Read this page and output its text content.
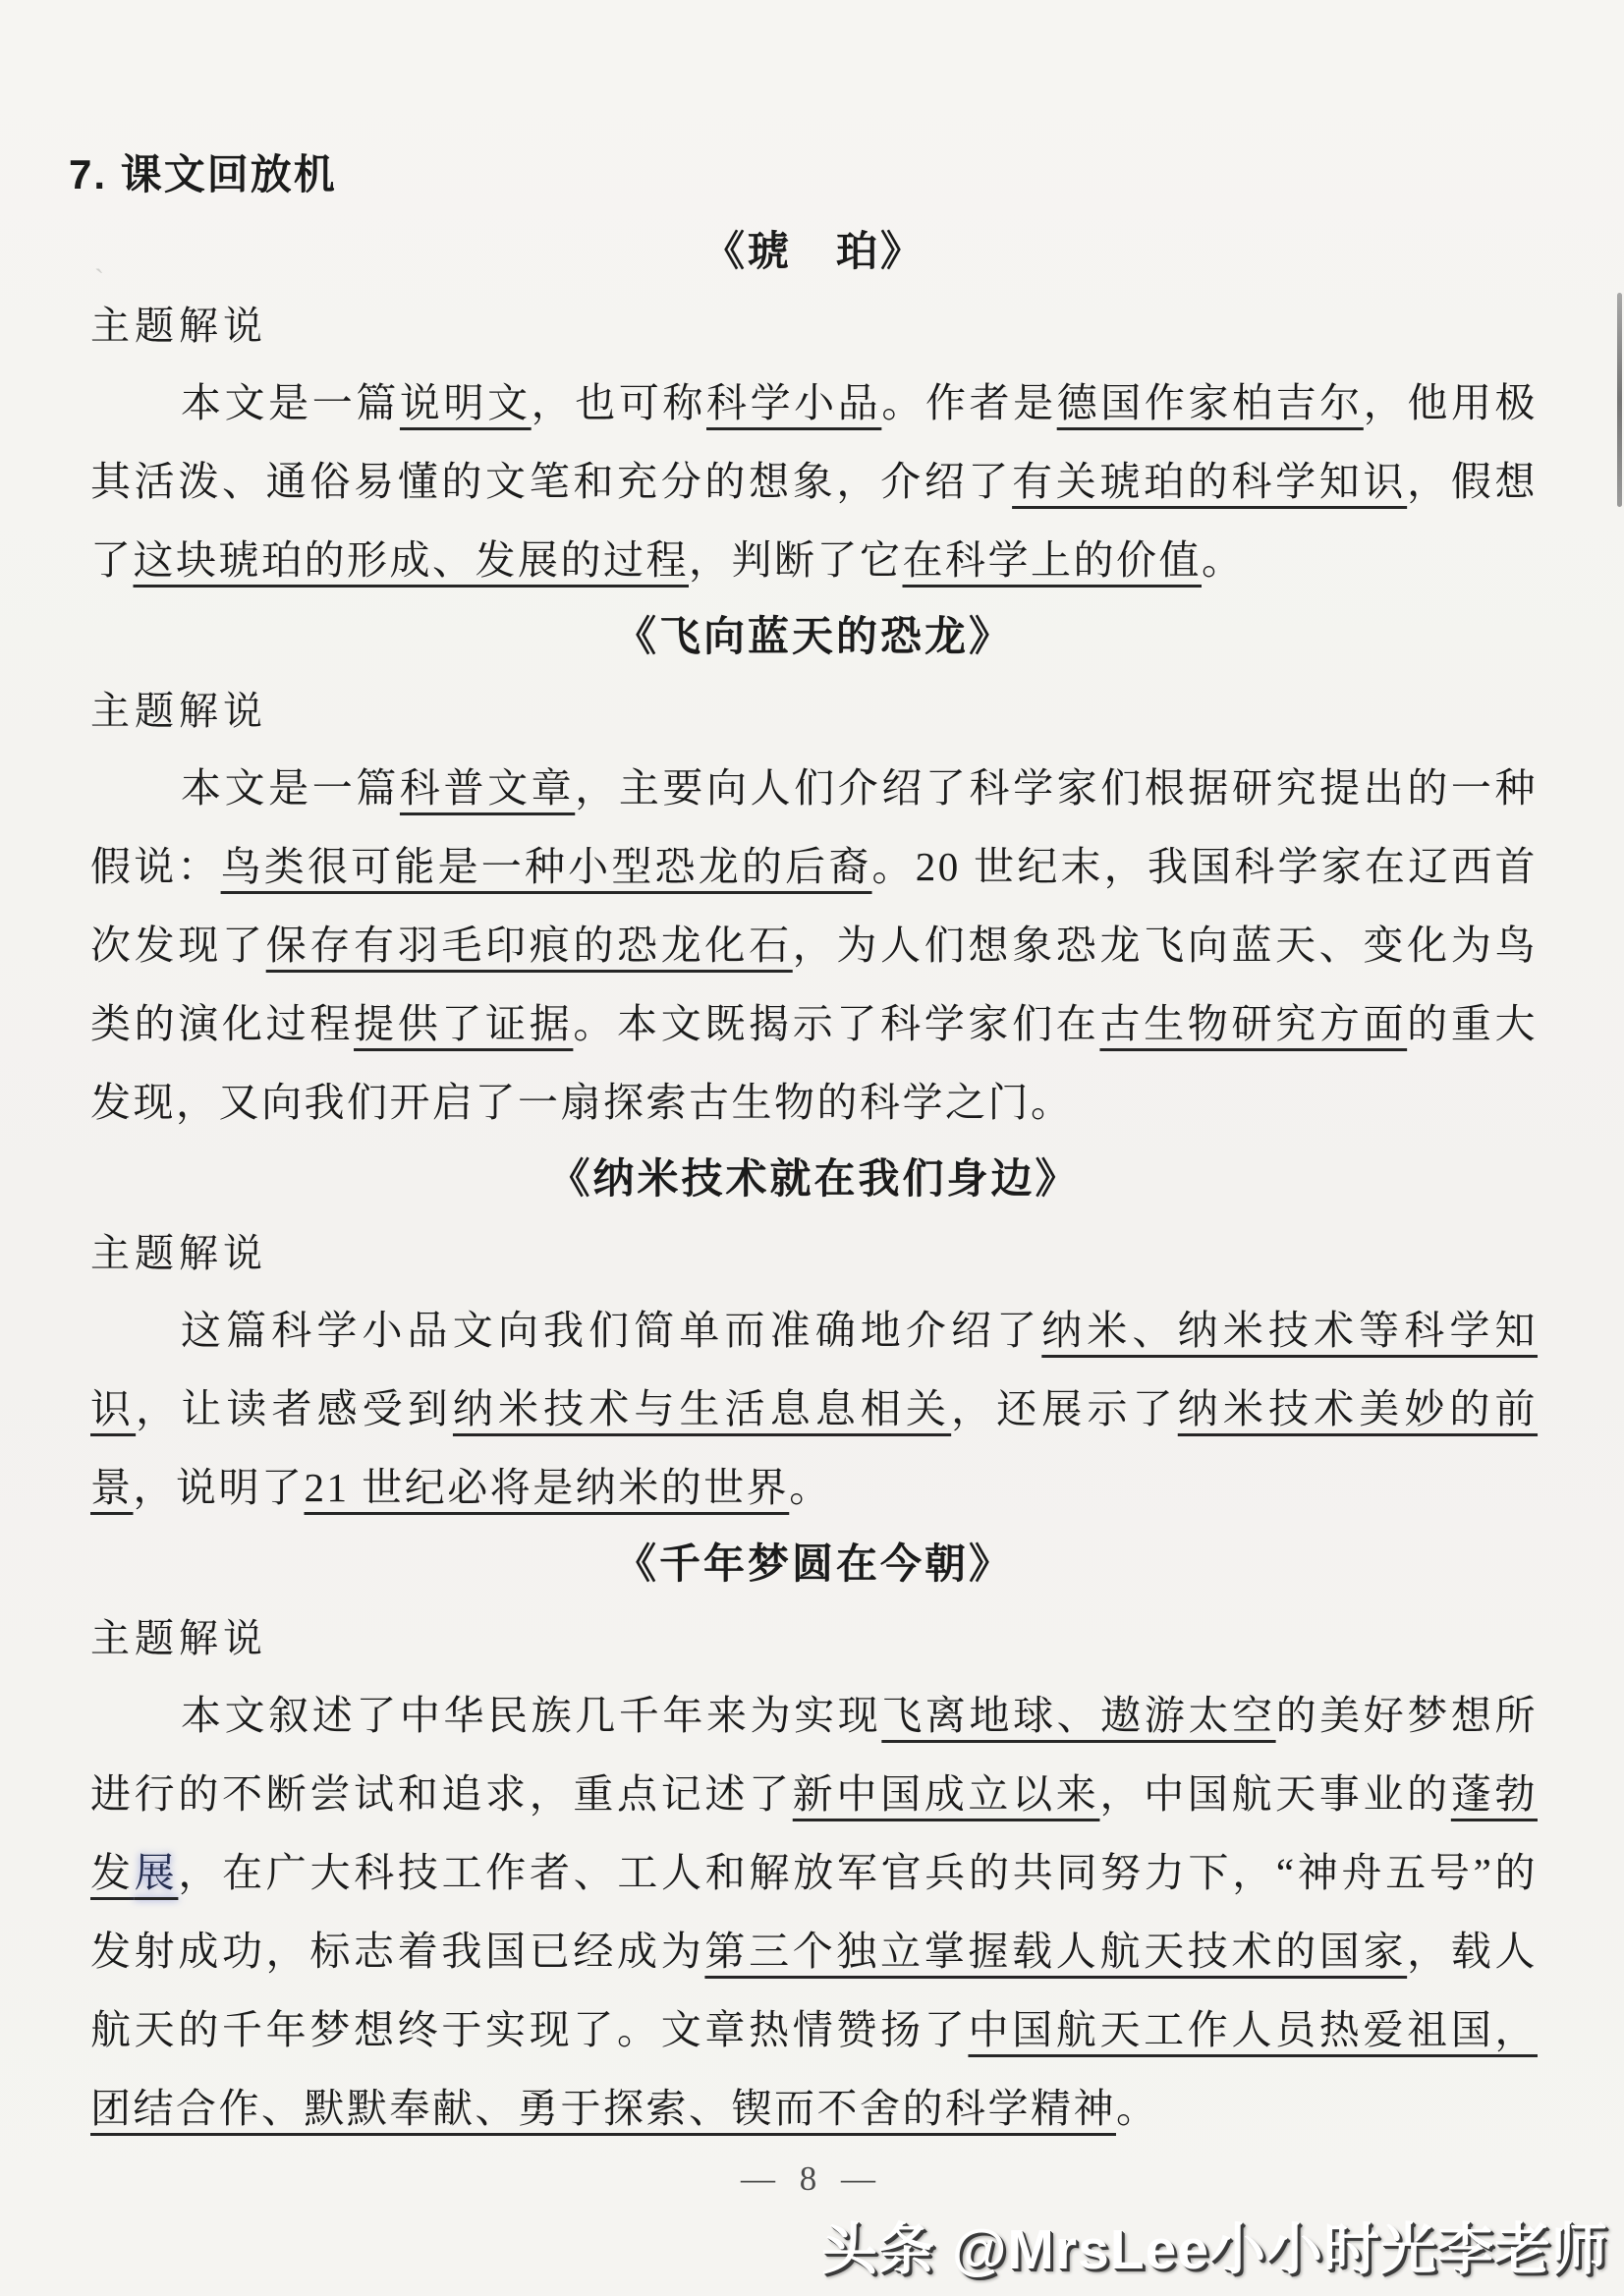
7. 课文回放机
《琥　珀》
主题解说

本文是一篇说明文，也可称科学小品。作者是德国作家柏吉尔，他用极其活泼、通俗易懂的文笔和充分的想象，介绍了有关琥珀的科学知识，假想了这块琥珀的形成、发展的过程，判断了它在科学上的价值。

《飞向蓝天的恐龙》
主题解说

本文是一篇科普文章，主要向人们介绍了科学家们根据研究提出的一种假说：鸟类很可能是一种小型恐龙的后裔。20 世纪末，我国科学家在辽西首次发现了保存有羽毛印痕的恐龙化石，为人们想象恐龙飞向蓝天、变化为鸟类的演化过程提供了证据。本文既揭示了科学家们在古生物研究方面的重大发现，又向我们开启了一扇探索古生物的科学之门。

《纳米技术就在我们身边》
主题解说

这篇科学小品文向我们简单而准确地介绍了纳米、纳米技术等科学知识，让读者感受到纳米技术与生活息息相关，还展示了纳米技术美妙的前景，说明了21 世纪必将是纳米的世界。

《千年梦圆在今朝》
主题解说

本文叙述了中华民族几千年来为实现飞离地球、遨游太空的美好梦想所进行的不断尝试和追求，重点记述了新中国成立以来，中国航天事业的蓬勃发展，在广大科技工作者、工人和解放军官兵的共同努力下，“神舟五号”的发射成功，标志着我国已经成为第三个独立掌握载人航天技术的国家，载人航天的千年梦想终于实现了。文章热情赞扬了中国航天工作人员热爱祖国，团结合作、默默奉献、勇于探索、锲而不舍的科学精神。

— 8 —
头条 @MrsLee小小时光李老师
`
